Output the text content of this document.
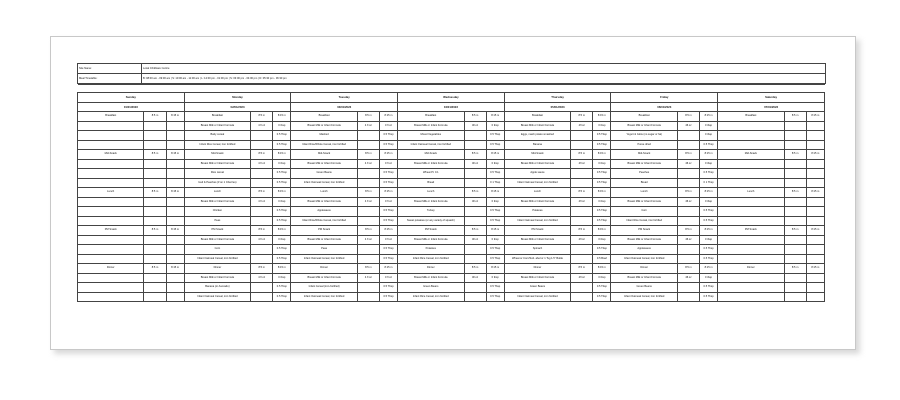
Site Name:	Local Childcare Centre
Meal Timetable:	B: 08:00 am - 09:00 am | S: 10:00 am - 11:00 am | L: 12:00 pm - 01:00 pm | S: 03:00 pm - 04:00 pm | D: 05:30 pm - 06:30 pm

Sunday			Monday			Tuesday			Wednesday			Thursday			Friday			Saturday		
01/01/2023			02/01/2023			03/01/2023			04/01/2023			05/01/2023			06/01/2023			07/01/2023		
Breakfast	8:5 m	8:15 m	Breakfast	8:5 m	8:15 m	Breakfast	8:5 m	8:15 m	Breakfast	8:5 m	8:15 m	Breakfast	8:5 m	8:15 m	Breakfast	8:5 m	8:15 m	Breakfast	8:5 m	8:15 m
			Breast Milk or Infant Formula	4 fl oz	0 tbsp	Breast Milk or Infant Formula	4 fl oz	0 fl oz	Breast Milk or Infant Formula	4fl oz	0 tbsp	Breast Milk or Infant Formula	4fl oz	0 tbsp	Breast Milk or Infant Formula	4fl oz	0 tbsp			
			Baby cereal		0.5 Tbsp	Mashed		0.5 Tbsp	Mixed Vegetables		0.5 Tbsp	Eggs, mash potato smashed		0.5 Tbsp	Yogurt & Glow (no sugar or fat)		0 tbsp			
			Infant Rice Cereal, iron fortified		0.5 Tbsp	Infant Rice/Whole Cereal, iron fortified		0.5 Tbsp	Infant Oatmeal Cereal, iron fortified		0.5 Tbsp	Banana		0.5 Tbsp	Puree dried		0.5 Tbsp			
Mid-Snack	8:5 m	8:15 m	Mid-Snack	8:5 m	8:15 m	Mid-Snack	8:5 m	8:15 m	Mid-Snack	8:5 m	8:15 m	Mid-Snack	8:5 m	8:15 m	Mid-Snack	8:5 m	8:15 m	Mid-Snack	8:5 m	8:15 m
			Breast Milk or Infant Formula	4 fl oz	0 tbsp	Breast Milk or Infant Formula	4 fl oz	0 fl oz	Breast Milk or Infant Formula	4fl oz	0 tbsp	Breast Milk or Infant Formula	4fl oz	0 tbsp	Breast Milk or Infant Formula	4fl oz	0 tbsp			
			Rice cereal		0.5 Tbsp	Green Beans		0.5 Tbsp	Wheat Pl. 0.1		0.5 Tbsp	Apple sauce		0.5 Tbsp	Peaches		0.5 Tbsp			
			Iced & Peaches (if on 1 Cherries)		0.5 Tbsp	Infant Oatmeal Cereal, iron fortified		0.5 Tbsp	Bread		0 1 Tbsp	Infant Oatmeal Cereal, iron fortified		0.5 Tbsp	Bread		0 1 Tbsp			
Lunch	8:5 m	8:15 m	Lunch	8:5 m	8:15 m	Lunch	8:5 m	8:15 m	Lunch	8:5 m	8:15 m	Lunch	8:5 m	8:15 m	Lunch	8:5 m	8:15 m	Lunch	8:5 m	8:15 m
			Breast Milk or Infant Formula	4 fl oz	0 tbsp	Breast Milk or Infant Formula	4 fl oz	0 fl oz	Breast Milk or Infant Formula	4fl oz	0 tbsp	Breast Milk or Infant Formula	4fl oz	0 tbsp	Breast Milk or Infant Formula	4fl oz	0 tbsp			
			Chicken		0.5 Tbsp	Applesauce		0.5 Tbsp	Turkey		0.5 Tbsp	Potatoes		0.5 Tbsp	Corn		0.5 Tbsp			
			Peas		0.5 Tbsp	Infant Rice/Whole Cereal, iron fortified		0.5 Tbsp	Sweet potatoes (or any variety of squash)		0.5 Tbsp	Infant Oatmeal Cereal, iron fortified		0.5 Tbsp	Infant Rice Cereal, iron fortified		0.5 Tbsp			
PM Snack	8:5 m	8:15 m	PM Snack	8:5 m	8:15 m	PM Snack	8:5 m	8:15 m	PM Snack	8:5 m	8:15 m	PM Snack	8:5 m	8:15 m	PM Snack	8:5 m	8:15 m	PM Snack	8:5 m	8:15 m
			Breast Milk or Infant Formula	4 fl oz	0 tbsp	Breast Milk or Infant Formula	4 fl oz	0 fl oz	Breast Milk or Infant Formula	4fl oz	0 tbsp	Breast Milk or Infant Formula	4fl oz	0 tbsp	Breast Milk or Infant Formula	4fl oz	0 tbsp			
			Corn		0.5 Tbsp	Peas		0.5 Tbsp	Potatoes		0.5 Tbsp	Spinach		0.5 Tbsp	Applesauce		0.5 Tbsp			
			Infant Oatmeal Cereal, iron fortified		0.5 Tbsp	Infant Oatmeal Cereal, iron fortified		0.5 Tbsp	Infant Rice Cereal, iron fortified		0.5 Tbsp	Wheat or Corn/Sub. abel or 1 Tsg 1.5" Buttle		0.5 Bowl	Infant Oatmeal Cereal, iron fortified		0.5 Tbsp			
Dinner	8:5 m	8:15 m	Dinner	8:5 m	8:15 m	Dinner	8:5 m	8:15 m	Dinner	8:5 m	8:15 m	Dinner	8:5 m	8:15 m	Dinner	8:5 m	8:15 m	Dinner	8:5 m	8:15 m
			Breast Milk or Infant Formula	4 fl oz	0 tbsp	Breast Milk or Infant Formula	4 fl oz	0 fl oz	Breast Milk or Infant Formula	4fl oz	0 tbsp	Breast Milk or Infant Formula	4fl oz	0 tbsp	Breast Milk or Infant Formula	4fl oz	0 tbsp			
			Banana (or Avocado)		0.5 Tbsp	Infant Cereal (iron-fortified)		0.5 Tbsp	Green Beans		0.5 Tbsp	Green Beans		0.5 Tbsp	Green Beans		0.5 Tbsp			
			Infant Oatmeal Cereal, iron fortified		0.5 Tbsp	Infant Oatmeal Cereal, iron fortified		0.5 Tbsp	Infant Rice Cereal, iron fortified		0.5 Tbsp	Infant Oatmeal Cereal, iron fortified		0.5 Tbsp	Infant Oatmeal Cereal, iron fortified		0.5 Tbsp			
